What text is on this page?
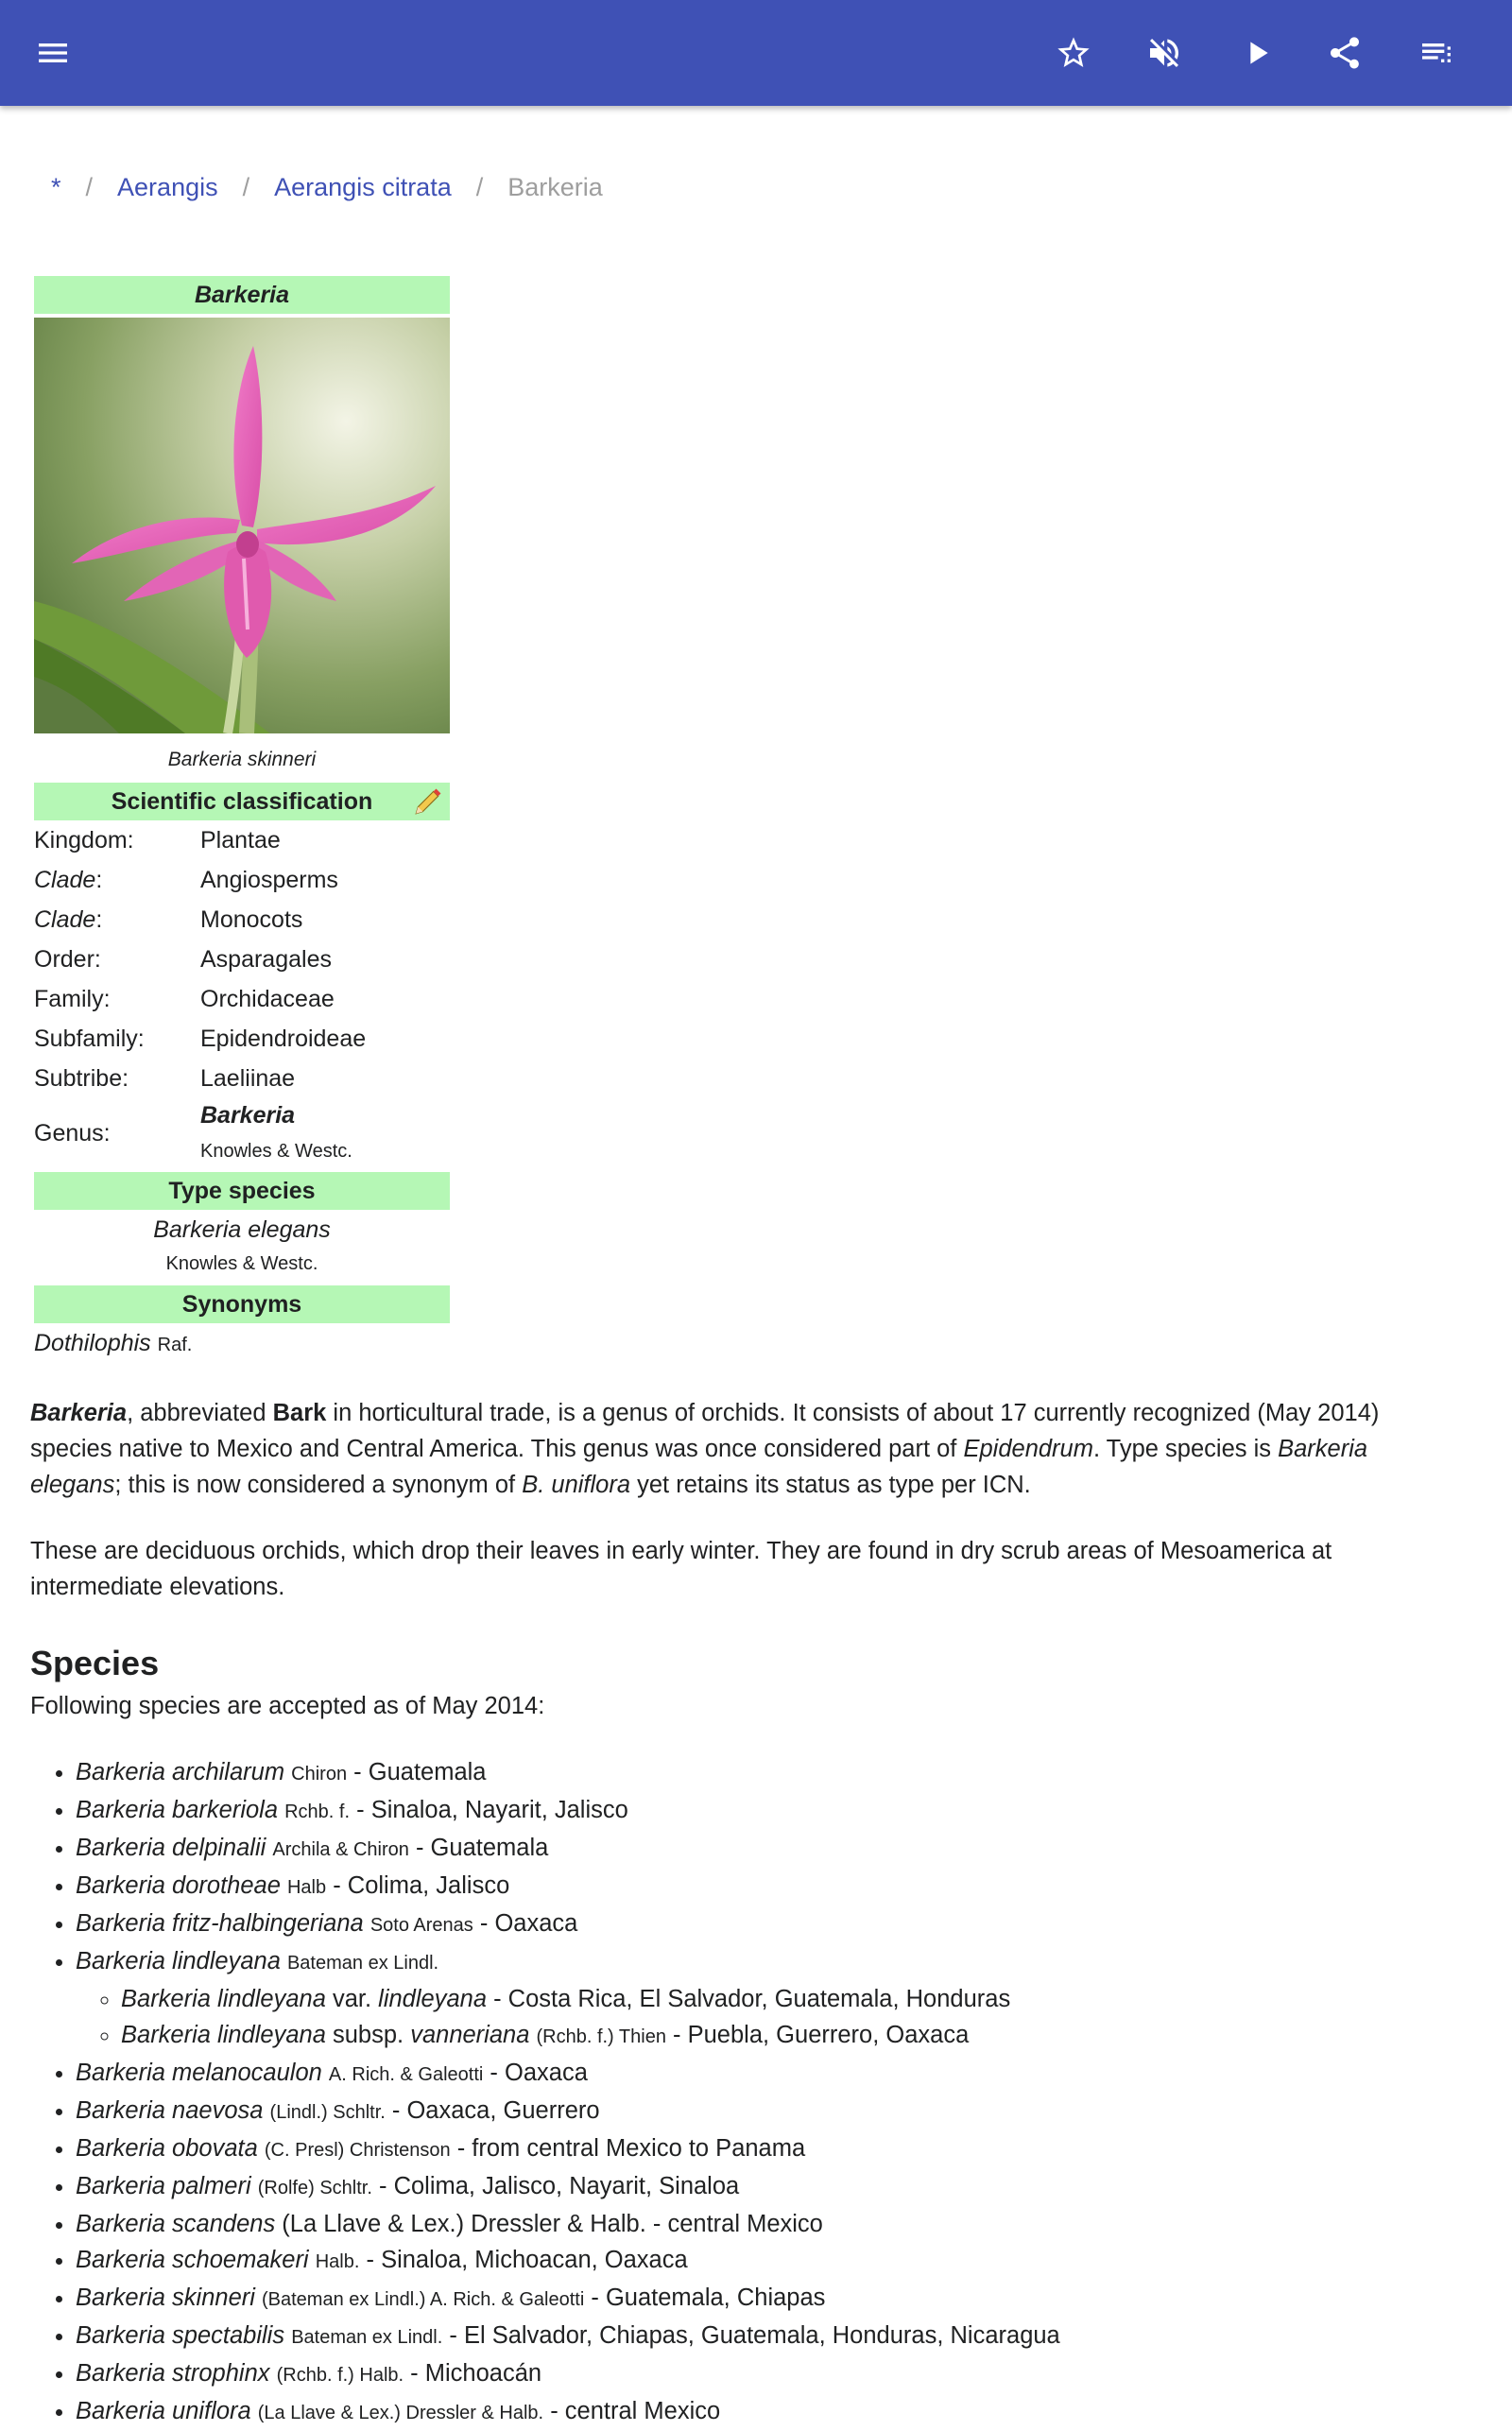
* / Aerangis / Aerangis citrata / Barkeria
Barkeria
Barkeria skinneri
Scientific classification
Kingdom:	Plantae
Clade:	Angiosperms
Clade:	Monocots
Order:	Asparagales
Family:	Orchidaceae
Subfamily:	Epidendroideae
Subtribe:	Laeliinae
Genus:
Barkeria
Knowles & Westc.
Type species
Barkeria elegans
Knowles & Westc.
Synonyms
Dothilophis Raf.

Barkeria, abbreviated Bark in horticultural trade, is a genus of orchids. It consists of about 17 currently recognized (May 2014) species native to Mexico and Central America. This genus was once considered part of Epidendrum. Type species is Barkeria elegans; this is now considered a synonym of B. uniflora yet retains its status as type per ICN.

These are deciduous orchids, which drop their leaves in early winter. They are found in dry scrub areas of Mesoamerica at intermediate elevations.

Species

Following species are accepted as of May 2014:

• Barkeria archilarum Chiron - Guatemala
• Barkeria barkeriola Rchb. f. - Sinaloa, Nayarit, Jalisco
• Barkeria delpinalii Archila & Chiron - Guatemala
• Barkeria dorotheae Halb - Colima, Jalisco
• Barkeria fritz-halbingeriana Soto Arenas - Oaxaca
• Barkeria lindleyana Bateman ex Lindl.
◦ Barkeria lindleyana var. lindleyana - Costa Rica, El Salvador, Guatemala, Honduras
◦ Barkeria lindleyana subsp. vanneriana (Rchb. f.) Thien - Puebla, Guerrero, Oaxaca
• Barkeria melanocaulon A. Rich. & Galeotti - Oaxaca
• Barkeria naevosa (Lindl.) Schltr. - Oaxaca, Guerrero
• Barkeria obovata (C. Presl) Christenson - from central Mexico to Panama
• Barkeria palmeri (Rolfe) Schltr. - Colima, Jalisco, Nayarit, Sinaloa
• Barkeria scandens (La Llave & Lex.) Dressler & Halb. - central Mexico
• Barkeria schoemakeri Halb. - Sinaloa, Michoacan, Oaxaca
• Barkeria skinneri (Bateman ex Lindl.) A. Rich. & Galeotti - Guatemala, Chiapas
• Barkeria spectabilis Bateman ex Lindl. - El Salvador, Chiapas, Guatemala, Honduras, Nicaragua
• Barkeria strophinx (Rchb. f.) Halb. - Michoacán
• Barkeria uniflora (La Llave & Lex.) Dressler & Halb. - central Mexico
